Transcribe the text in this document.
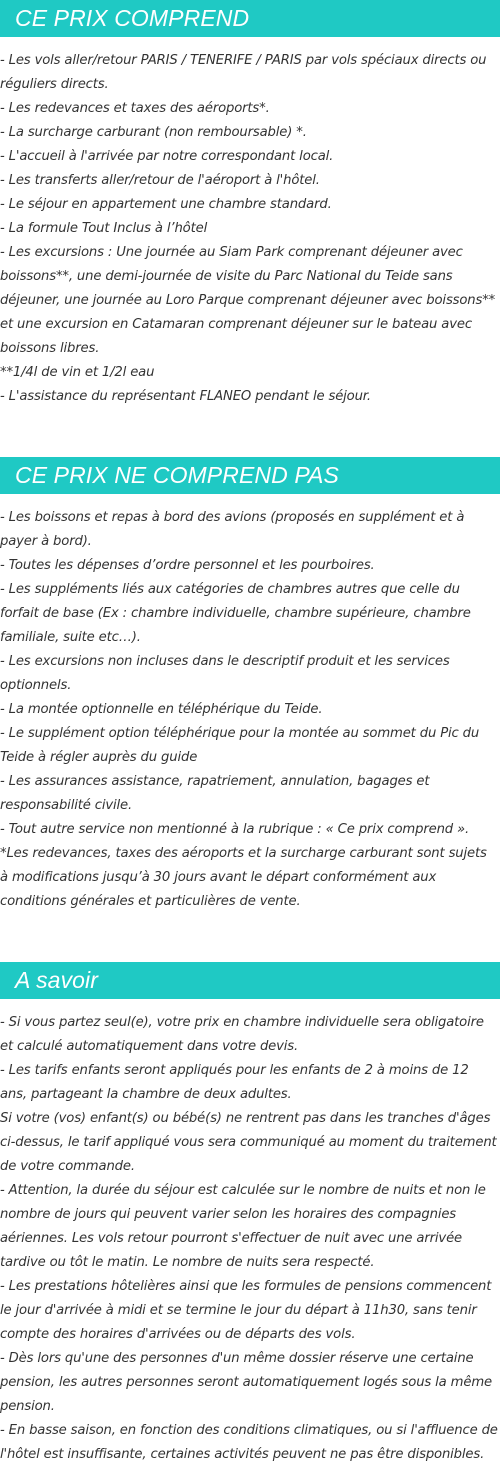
CE PRIX COMPREND
- Les vols aller/retour PARIS / TENERIFE / PARIS par vols spéciaux directs ou réguliers directs.
- Les redevances et taxes des aéroports*.
- La surcharge carburant (non remboursable) *.
- L'accueil à l'arrivée par notre correspondant local.
- Les transferts aller/retour de l'aéroport à l'hôtel.
- Le séjour en appartement une chambre standard.
- La formule Tout Inclus à l’hôtel
- Les excursions : Une journée au Siam Park comprenant déjeuner avec boissons**, une demi-journée de visite du Parc National du Teide sans déjeuner, une journée au Loro Parque comprenant déjeuner avec boissons** et une excursion en Catamaran comprenant déjeuner sur le bateau avec boissons libres.
**1/4l de vin et 1/2l eau
- L'assistance du représentant FLANEO pendant le séjour.
CE PRIX NE COMPREND PAS
- Les boissons et repas à bord des avions (proposés en supplément et à payer à bord).
- Toutes les dépenses d’ordre personnel et les pourboires.
- Les suppléments liés aux catégories de chambres autres que celle du forfait de base (Ex : chambre individuelle, chambre supérieure, chambre familiale, suite etc…).
- Les excursions non incluses dans le descriptif produit et les services optionnels.
- La montée optionnelle en téléphérique du Teide.
- Le supplément option téléphérique pour la montée au sommet du Pic du Teide à régler auprès du guide
- Les assurances assistance, rapatriement, annulation, bagages et responsabilité civile.
- Tout autre service non mentionné à la rubrique : « Ce prix comprend ».
*Les redevances, taxes des aéroports et la surcharge carburant sont sujets à modifications jusqu’à 30 jours avant le départ conformément aux conditions générales et particulières de vente.
A savoir
- Si vous partez seul(e), votre prix en chambre individuelle sera obligatoire et calculé automatiquement dans votre devis.
- Les tarifs enfants seront appliqués pour les enfants de 2 à moins de 12 ans, partageant la chambre de deux adultes.
Si votre (vos) enfant(s) ou bébé(s) ne rentrent pas dans les tranches d'âges ci-dessus, le tarif appliqué vous sera communiqué au moment du traitement de votre commande.
- Attention, la durée du séjour est calculée sur le nombre de nuits et non le nombre de jours qui peuvent varier selon les horaires des compagnies aériennes. Les vols retour pourront s'effectuer de nuit avec une arrivée tardive ou tôt le matin. Le nombre de nuits sera respecté.
- Les prestations hôtelières ainsi que les formules de pensions commencent le jour d'arrivée à midi et se termine le jour du départ à 11h30, sans tenir compte des horaires d'arrivées ou de départs des vols.
- Dès lors qu'une des personnes d'un même dossier réserve une certaine pension, les autres personnes seront automatiquement logés sous la même pension.
- En basse saison, en fonction des conditions climatiques, ou si l'affluence de l'hôtel est insuffisante, certaines activités peuvent ne pas être disponibles.
